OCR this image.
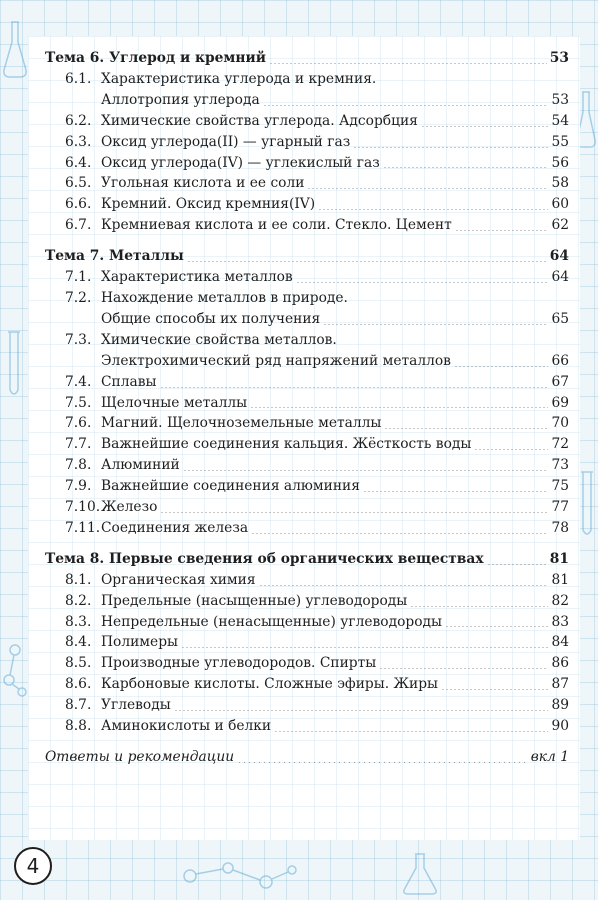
Тема 6. Углерод и кремний	53
6.1. Характеристика углерода и кремния.
Аллотропия углерода	53
6.2. Химические свойства углерода. Адсорбция	54
6.3. Оксид углерода(II) — угарный газ	55
6.4. Оксид углерода(IV) — углекислый газ	56
6.5. Угольная кислота и ее соли	58
6.6. Кремний. Оксид кремния(IV)	60
6.7. Кремниевая кислота и ее соли. Стекло. Цемент	62
Тема 7. Металлы	64
7.1. Характеристика металлов	64
7.2. Нахождение металлов в природе.
Общие способы их получения	65
7.3. Химические свойства металлов.
Электрохимический ряд напряжений металлов	66
7.4. Сплавы	67
7.5. Щелочные металлы	69
7.6. Магний. Щелочноземельные металлы	70
7.7. Важнейшие соединения кальция. Жёсткость воды	72
7.8. Алюминий	73
7.9. Важнейшие соединения алюминия	75
7.10. Железо	77
7.11. Соединения железа	78
Тема 8. Первые сведения об органических веществах	81
8.1. Органическая химия	81
8.2. Предельные (насыщенные) углеводороды	82
8.3. Непредельные (ненасыщенные) углеводороды	83
8.4. Полимеры	84
8.5. Производные углеводородов. Спирты	86
8.6. Карбоновые кислоты. Сложные эфиры. Жиры	87
8.7. Углеводы	89
8.8. Аминокислоты и белки	90
Ответы и рекомендации	вкл 1
4
